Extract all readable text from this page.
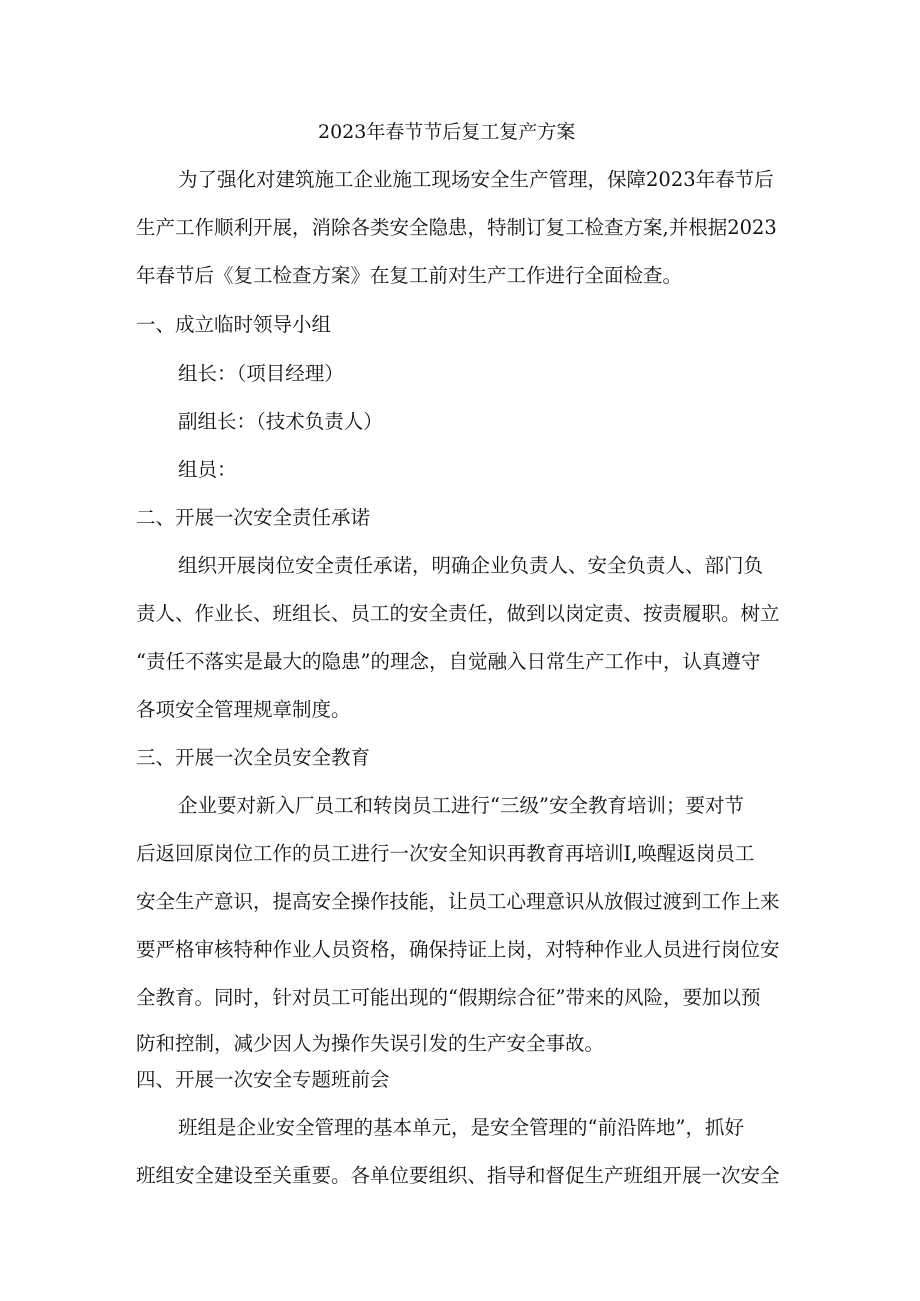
2023年春节节后复工复产方案
为了强化对建筑施工企业施工现场安全生产管理，保障2023年春节后
生产工作顺利开展，消除各类安全隐患，特制订复工检查方案,并根据2023
年春节后《复工检查方案》在复工前对生产工作进行全面检查。
一、成立临时领导小组
组长：（项目经理）
副组长：（技术负责人）
组员：
二、开展一次安全责任承诺
组织开展岗位安全责任承诺，明确企业负责人、安全负责人、部门负
责人、作业长、班组长、员工的安全责任，做到以岗定责、按责履职。树立
“责任不落实是最大的隐患”的理念，自觉融入日常生产工作中，认真遵守
各项安全管理规章制度。
三、开展一次全员安全教育
企业要对新入厂员工和转岗员工进行“三级”安全教育培训；要对节
后返回原岗位工作的员工进行一次安全知识再教育再培训I,唤醒返岗员工
安全生产意识，提高安全操作技能，让员工心理意识从放假过渡到工作上来
要严格审核特种作业人员资格，确保持证上岗，对特种作业人员进行岗位安
全教育。同时，针对员工可能出现的“假期综合征”带来的风险，要加以预
防和控制，减少因人为操作失误引发的生产安全事故。
四、开展一次安全专题班前会
班组是企业安全管理的基本单元，是安全管理的“前沿阵地”，抓好
班组安全建设至关重要。各单位要组织、指导和督促生产班组开展一次安全
